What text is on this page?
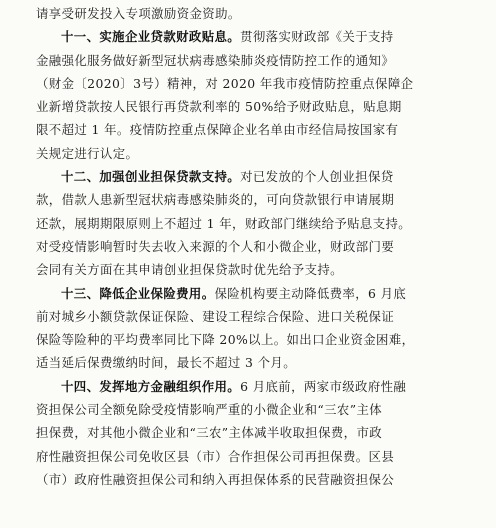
请享受研发投入专项激励资金资助。
十一、实施企业贷款财政贴息。贯彻落实财政部《关于支持
金融强化服务做好新型冠状病毒感染肺炎疫情防控工作的通知》
（财金〔2020〕3号）精神，对 2020 年我市疫情防控重点保障企
业新增贷款按人民银行再贷款利率的 50%给予财政贴息，贴息期
限不超过 1 年。疫情防控重点保障企业名单由市经信局按国家有
关规定进行认定。
十二、加强创业担保贷款支持。对已发放的个人创业担保贷
款，借款人患新型冠状病毒感染肺炎的，可向贷款银行申请展期
还款，展期期限原则上不超过 1 年，财政部门继续给予贴息支持。
对受疫情影响暂时失去收入来源的个人和小微企业，财政部门要
会同有关方面在其申请创业担保贷款时优先给予支持。
十三、降低企业保险费用。保险机构要主动降低费率，6 月底
前对城乡小额贷款保证保险、建设工程综合保险、进口关税保证
保险等险种的平均费率同比下降 20%以上。如出口企业资金困难，
适当延后保费缴纳时间，最长不超过 3 个月。
十四、发挥地方金融组织作用。6 月底前，两家市级政府性融
资担保公司全额免除受疫情影响严重的小微企业和“三农”主体
担保费，对其他小微企业和“三农”主体减半收取担保费，市政
府性融资担保公司免收区县（市）合作担保公司再担保费。区县
（市）政府性融资担保公司和纳入再担保体系的民营融资担保公
